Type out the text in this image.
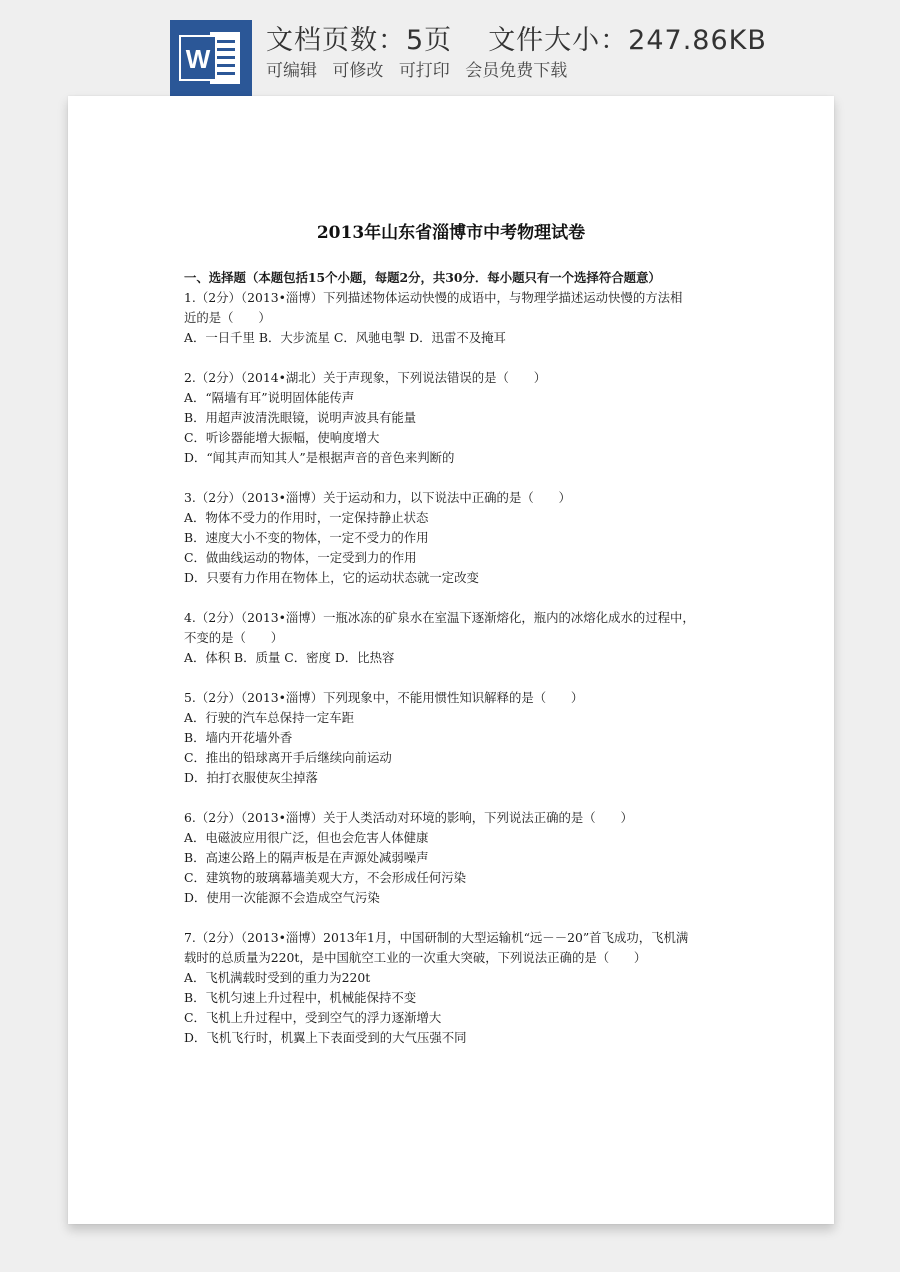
W
文档页数：5页 文件大小：247.86KB
可编辑 可修改 可打印 会员免费下载
2013年山东省淄博市中考物理试卷
一、选择题（本题包括15个小题，每题2分，共30分．每小题只有一个选择符合题意）
1.（2分）（2013•淄博）下列描述物体运动快慢的成语中，与物理学描述运动快慢的方法相
近的是（　　）
A．一日千里 B．大步流星 C．风驰电掣 D．迅雷不及掩耳
2.（2分）（2014•湖北）关于声现象，下列说法错误的是（　　）
A．“隔墙有耳”说明固体能传声
B．用超声波清洗眼镜，说明声波具有能量
C．听诊器能增大振幅，使响度增大
D．“闻其声而知其人”是根据声音的音色来判断的
3.（2分）（2013•淄博）关于运动和力，以下说法中正确的是（　　）
A．物体不受力的作用时，一定保持静止状态
B．速度大小不变的物体，一定不受力的作用
C．做曲线运动的物体，一定受到力的作用
D．只要有力作用在物体上，它的运动状态就一定改变
4.（2分）（2013•淄博）一瓶冰冻的矿泉水在室温下逐渐熔化，瓶内的冰熔化成水的过程中，
不变的是（　　）
A．体积 B．质量 C．密度 D．比热容
5.（2分）（2013•淄博）下列现象中，不能用惯性知识解释的是（　　）
A．行驶的汽车总保持一定车距
B．墙内开花墙外香
C．推出的铅球离开手后继续向前运动
D．拍打衣服使灰尘掉落
6.（2分）（2013•淄博）关于人类活动对环境的影响，下列说法正确的是（　　）
A．电磁波应用很广泛，但也会危害人体健康
B．高速公路上的隔声板是在声源处减弱噪声
C．建筑物的玻璃幕墙美观大方，不会形成任何污染
D．使用一次能源不会造成空气污染
7.（2分）（2013•淄博）2013年1月，中国研制的大型运输机“远－－20”首飞成功，飞机满
载时的总质量为220t，是中国航空工业的一次重大突破，下列说法正确的是（　　）
A．飞机满载时受到的重力为220t
B．飞机匀速上升过程中，机械能保持不变
C．飞机上升过程中，受到空气的浮力逐渐增大
D．飞机飞行时，机翼上下表面受到的大气压强不同
